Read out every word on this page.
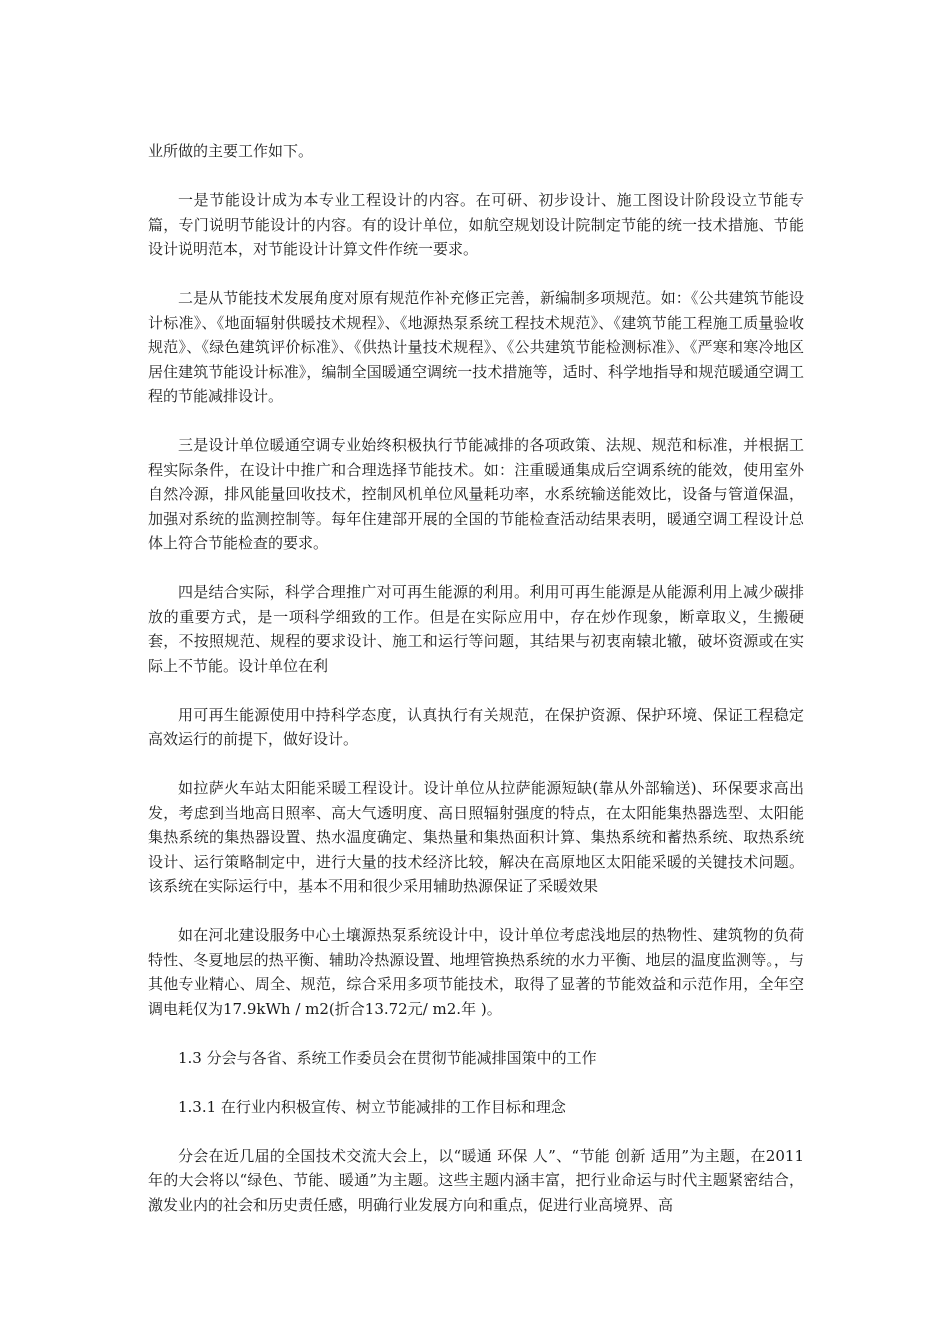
业所做的主要工作如下。

一是节能设计成为本专业工程设计的内容。在可研、初步设计、施工图设计阶段设立节能专篇，专门说明节能设计的内容。有的设计单位，如航空规划设计院制定节能的统一技术措施、节能设计说明范本，对节能设计计算文件作统一要求。

二是从节能技术发展角度对原有规范作补充修正完善，新编制多项规范。如：《公共建筑节能设计标准》、《地面辐射供暖技术规程》、《地源热泵系统工程技术规范》、《建筑节能工程施工质量验收规范》、《绿色建筑评价标准》、《供热计量技术规程》、《公共建筑节能检测标准》、《严寒和寒冷地区居住建筑节能设计标准》，编制全国暖通空调统一技术措施等，适时、科学地指导和规范暖通空调工程的节能减排设计。

三是设计单位暖通空调专业始终积极执行节能减排的各项政策、法规、规范和标准，并根据工程实际条件，在设计中推广和合理选择节能技术。如：注重暖通集成后空调系统的能效，使用室外自然冷源，排风能量回收技术，控制风机单位风量耗功率，水系统输送能效比，设备与管道保温，加强对系统的监测控制等。每年住建部开展的全国的节能检查活动结果表明，暖通空调工程设计总体上符合节能检查的要求。

四是结合实际，科学合理推广对可再生能源的利用。利用可再生能源是从能源利用上减少碳排放的重要方式，是一项科学细致的工作。但是在实际应用中，存在炒作现象，断章取义，生搬硬套，不按照规范、规程的要求设计、施工和运行等问题，其结果与初衷南辕北辙，破坏资源或在实际上不节能。设计单位在利

用可再生能源使用中持科学态度，认真执行有关规范，在保护资源、保护环境、保证工程稳定高效运行的前提下，做好设计。

如拉萨火车站太阳能采暖工程设计。设计单位从拉萨能源短缺(靠从外部输送)、环保要求高出发，考虑到当地高日照率、高大气透明度、高日照辐射强度的特点，在太阳能集热器选型、太阳能集热系统的集热器设置、热水温度确定、集热量和集热面积计算、集热系统和蓄热系统、取热系统设计、运行策略制定中，进行大量的技术经济比较，解决在高原地区太阳能采暖的关键技术问题。该系统在实际运行中，基本不用和很少采用辅助热源保证了采暖效果

如在河北建设服务中心土壤源热泵系统设计中，设计单位考虑浅地层的热物性、建筑物的负荷特性、冬夏地层的热平衡、辅助冷热源设置、地埋管换热系统的水力平衡、地层的温度监测等。，与其他专业精心、周全、规范，综合采用多项节能技术，取得了显著的节能效益和示范作用，全年空调电耗仅为17.9kWh / m2(折合13.72元/ m2.年 )。

1.3 分会与各省、系统工作委员会在贯彻节能减排国策中的工作

1.3.1 在行业内积极宣传、树立节能减排的工作目标和理念

分会在近几届的全国技术交流大会上，以“暖通 环保 人”、“节能 创新 适用”为主题，在2011年的大会将以“绿色、节能、暖通”为主题。这些主题内涵丰富，把行业命运与时代主题紧密结合，激发业内的社会和历史责任感，明确行业发展方向和重点，促进行业高境界、高
